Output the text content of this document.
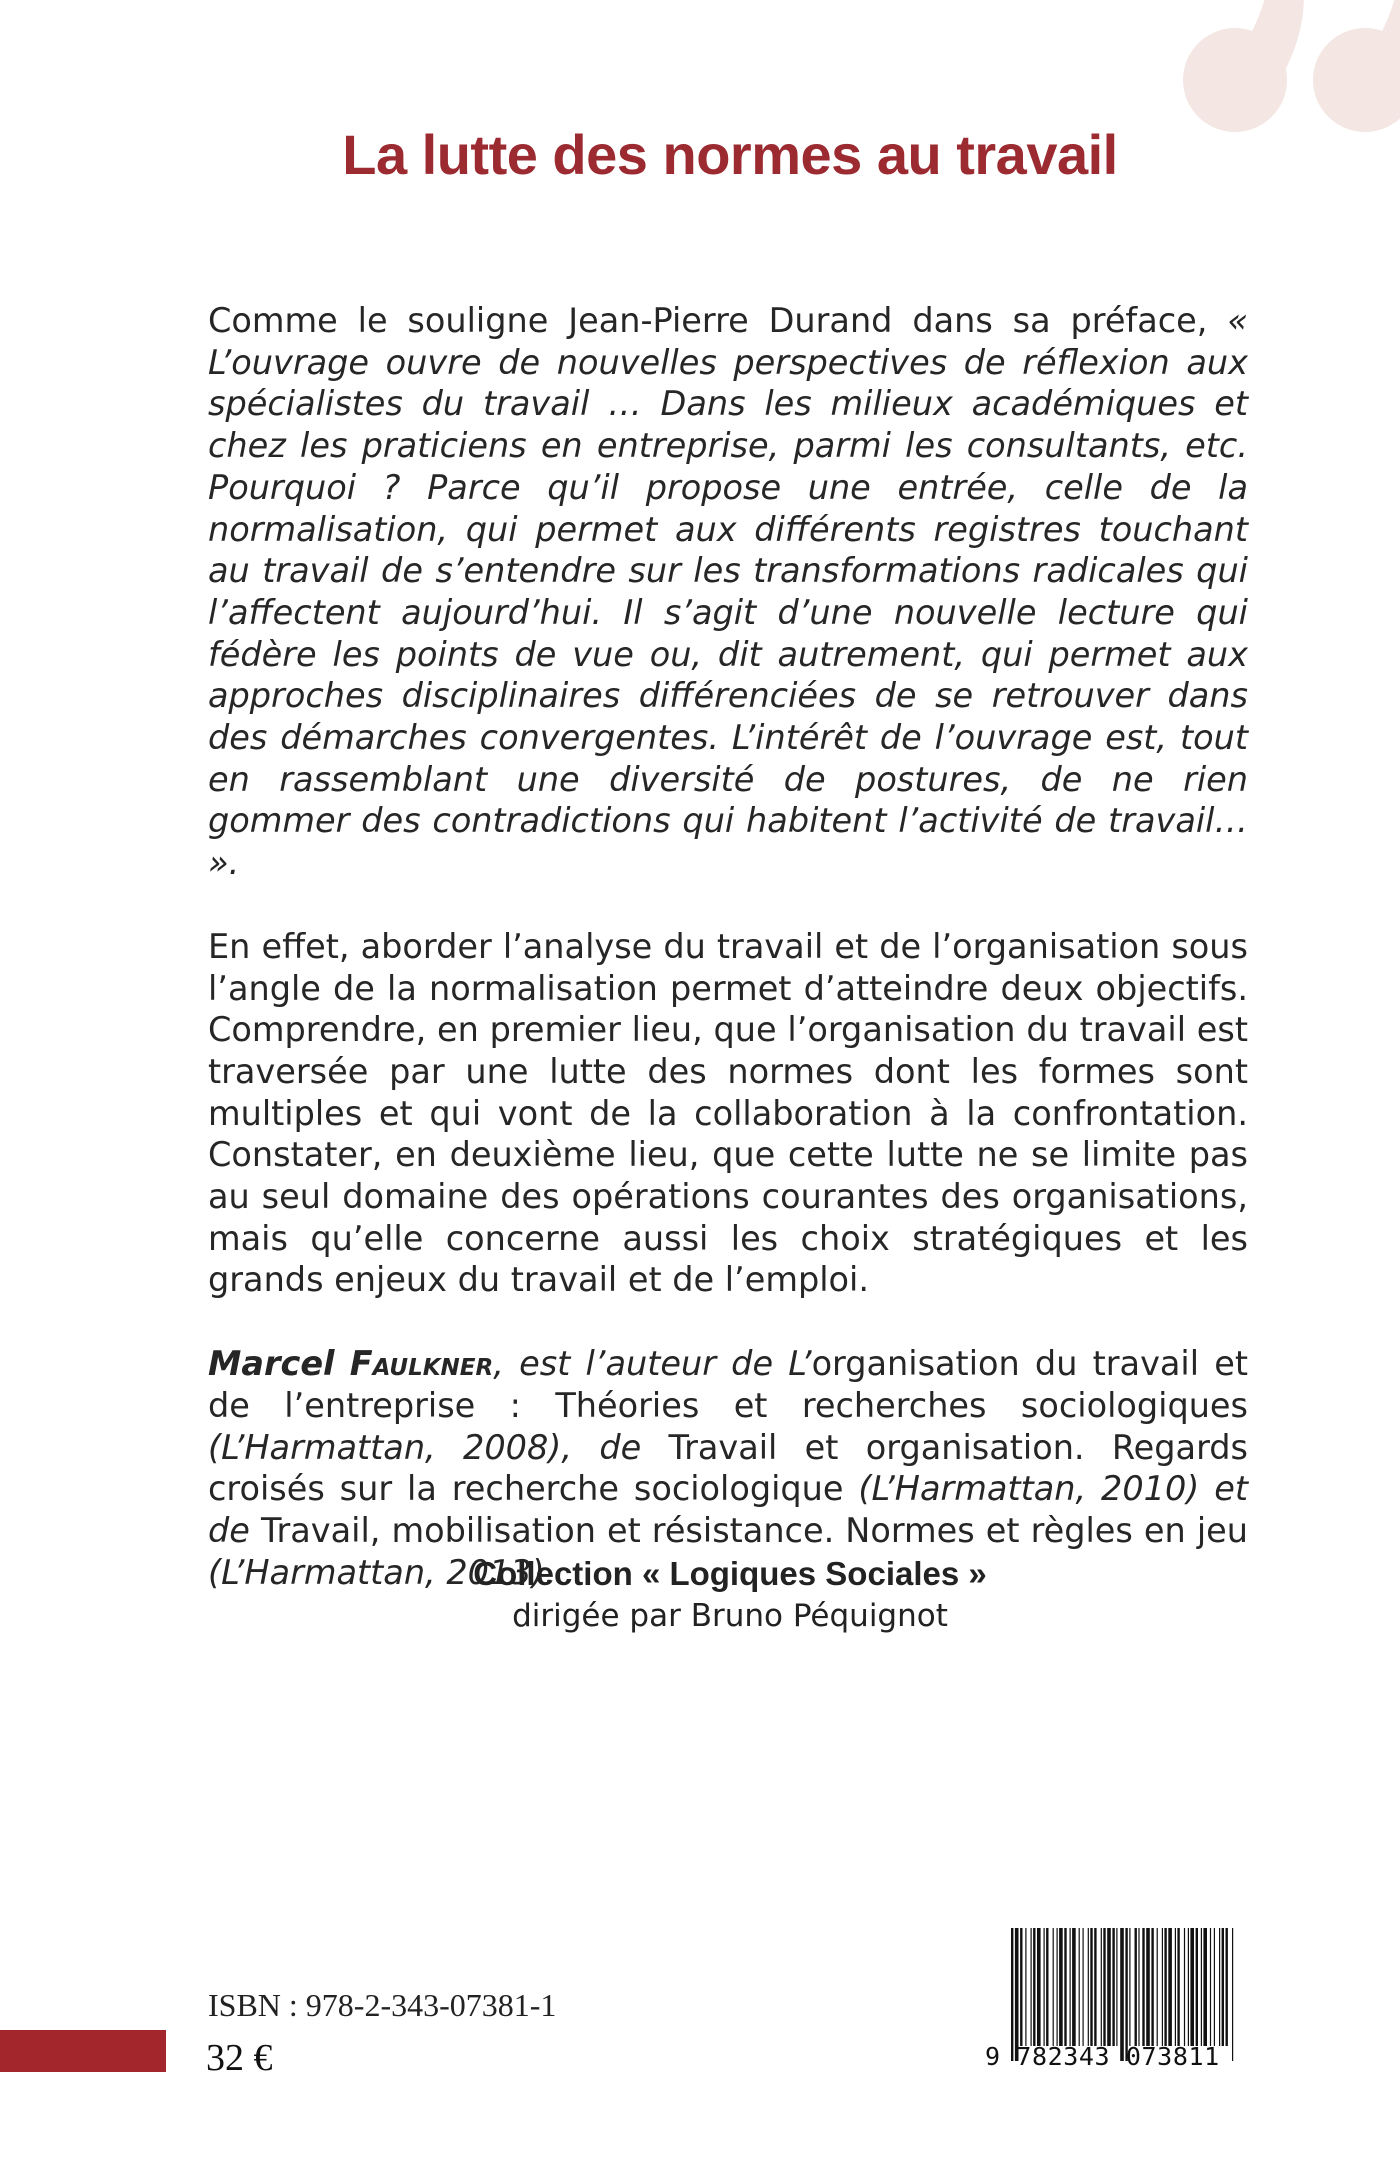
La lutte des normes au travail

Comme le souligne Jean-Pierre Durand dans sa préface, « L’ouvrage ouvre de nouvelles perspectives de réflexion aux spécialistes du travail … Dans les milieux académiques et chez les praticiens en entreprise, parmi les consultants, etc. Pourquoi ? Parce qu’il propose une entrée, celle de la normalisation, qui permet aux différents registres touchant au travail de s’entendre sur les transformations radicales qui l’affectent aujourd’hui. Il s’agit d’une nouvelle lecture qui fédère les points de vue ou, dit autrement, qui permet aux approches disciplinaires différenciées de se retrouver dans des démarches convergentes. L’intérêt de l’ouvrage est, tout en rassemblant une diversité de postures, de ne rien gommer des contradictions qui habitent l’activité de travail… ».

En effet, aborder l’analyse du travail et de l’organisation sous l’angle de la normalisation permet d’atteindre deux objectifs. Comprendre, en premier lieu, que l’organisation du travail est traversée par une lutte des normes dont les formes sont multiples et qui vont de la collaboration à la confrontation. Constater, en deuxième lieu, que cette lutte ne se limite pas au seul domaine des opérations courantes des organisations, mais qu’elle concerne aussi les choix stratégiques et les grands enjeux du travail et de l’emploi.

Marcel Faulkner, est l’auteur de L’organisation du travail et de l’entreprise : Théories et recherches sociologiques (L’Harmattan, 2008), de Travail et organisation. Regards croisés sur la recherche sociologique (L’Harmattan, 2010) et de Travail, mobilisation et résistance. Normes et règles en jeu (L’Harmattan, 2013).

Collection « Logiques Sociales »
dirigée par Bruno Péquignot
ISBN : 978-2-343-07381-1
32 €	9 782343 073811
